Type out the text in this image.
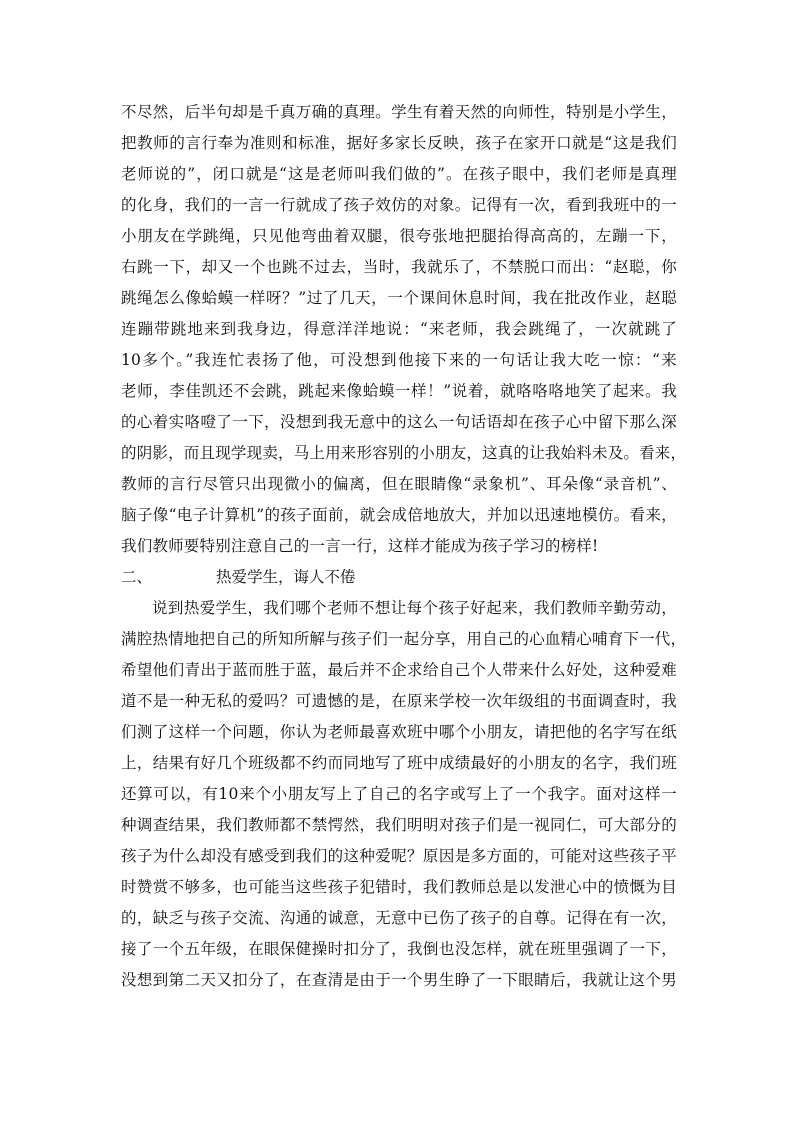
不尽然，后半句却是千真万确的真理。学生有着天然的向师性，特别是小学生，
把教师的言行奉为准则和标准，据好多家长反映，孩子在家开口就是“这是我们
老师说的”，闭口就是“这是老师叫我们做的”。在孩子眼中，我们老师是真理
的化身，我们的一言一行就成了孩子效仿的对象。记得有一次，看到我班中的一
小朋友在学跳绳，只见他弯曲着双腿，很夸张地把腿抬得高高的，左蹦一下，
右跳一下，却又一个也跳不过去，当时，我就乐了，不禁脱口而出：“赵聪，你
跳绳怎么像蛤蟆一样呀？”过了几天，一个课间休息时间，我在批改作业，赵聪
连蹦带跳地来到我身边，得意洋洋地说：“来老师，我会跳绳了，一次就跳了
10多个。”我连忙表扬了他，可没想到他接下来的一句话让我大吃一惊：“来
老师，李佳凯还不会跳，跳起来像蛤蟆一样！”说着，就咯咯咯地笑了起来。我
的心着实咯噔了一下，没想到我无意中的这么一句话语却在孩子心中留下那么深
的阴影，而且现学现卖，马上用来形容别的小朋友，这真的让我始料未及。看来，
教师的言行尽管只出现微小的偏离，但在眼睛像“录象机”、耳朵像“录音机”、
脑子像“电子计算机”的孩子面前，就会成倍地放大，并加以迅速地模仿。看来，
我们教师要特别注意自己的一言一行，这样才能成为孩子学习的榜样!
二、	热爱学生，诲人不倦
说到热爱学生，我们哪个老师不想让每个孩子好起来，我们教师辛勤劳动，
满腔热情地把自己的所知所解与孩子们一起分享，用自己的心血精心哺育下一代，
希望他们青出于蓝而胜于蓝，最后并不企求给自己个人带来什么好处，这种爱难
道不是一种无私的爱吗？可遗憾的是，在原来学校一次年级组的书面调查时，我
们测了这样一个问题，你认为老师最喜欢班中哪个小朋友，请把他的名字写在纸
上，结果有好几个班级都不约而同地写了班中成绩最好的小朋友的名字，我们班
还算可以，有10来个小朋友写上了自己的名字或写上了一个我字。面对这样一
种调查结果，我们教师都不禁愕然，我们明明对孩子们是一视同仁，可大部分的
孩子为什么却没有感受到我们的这种爱呢？原因是多方面的，可能对这些孩子平
时赞赏不够多，也可能当这些孩子犯错时，我们教师总是以发泄心中的愤慨为目
的，缺乏与孩子交流、沟通的诚意，无意中已伤了孩子的自尊。记得在有一次，
接了一个五年级，在眼保健操时扣分了，我倒也没怎样，就在班里强调了一下，
没想到第二天又扣分了，在查清是由于一个男生睁了一下眼睛后，我就让这个男
